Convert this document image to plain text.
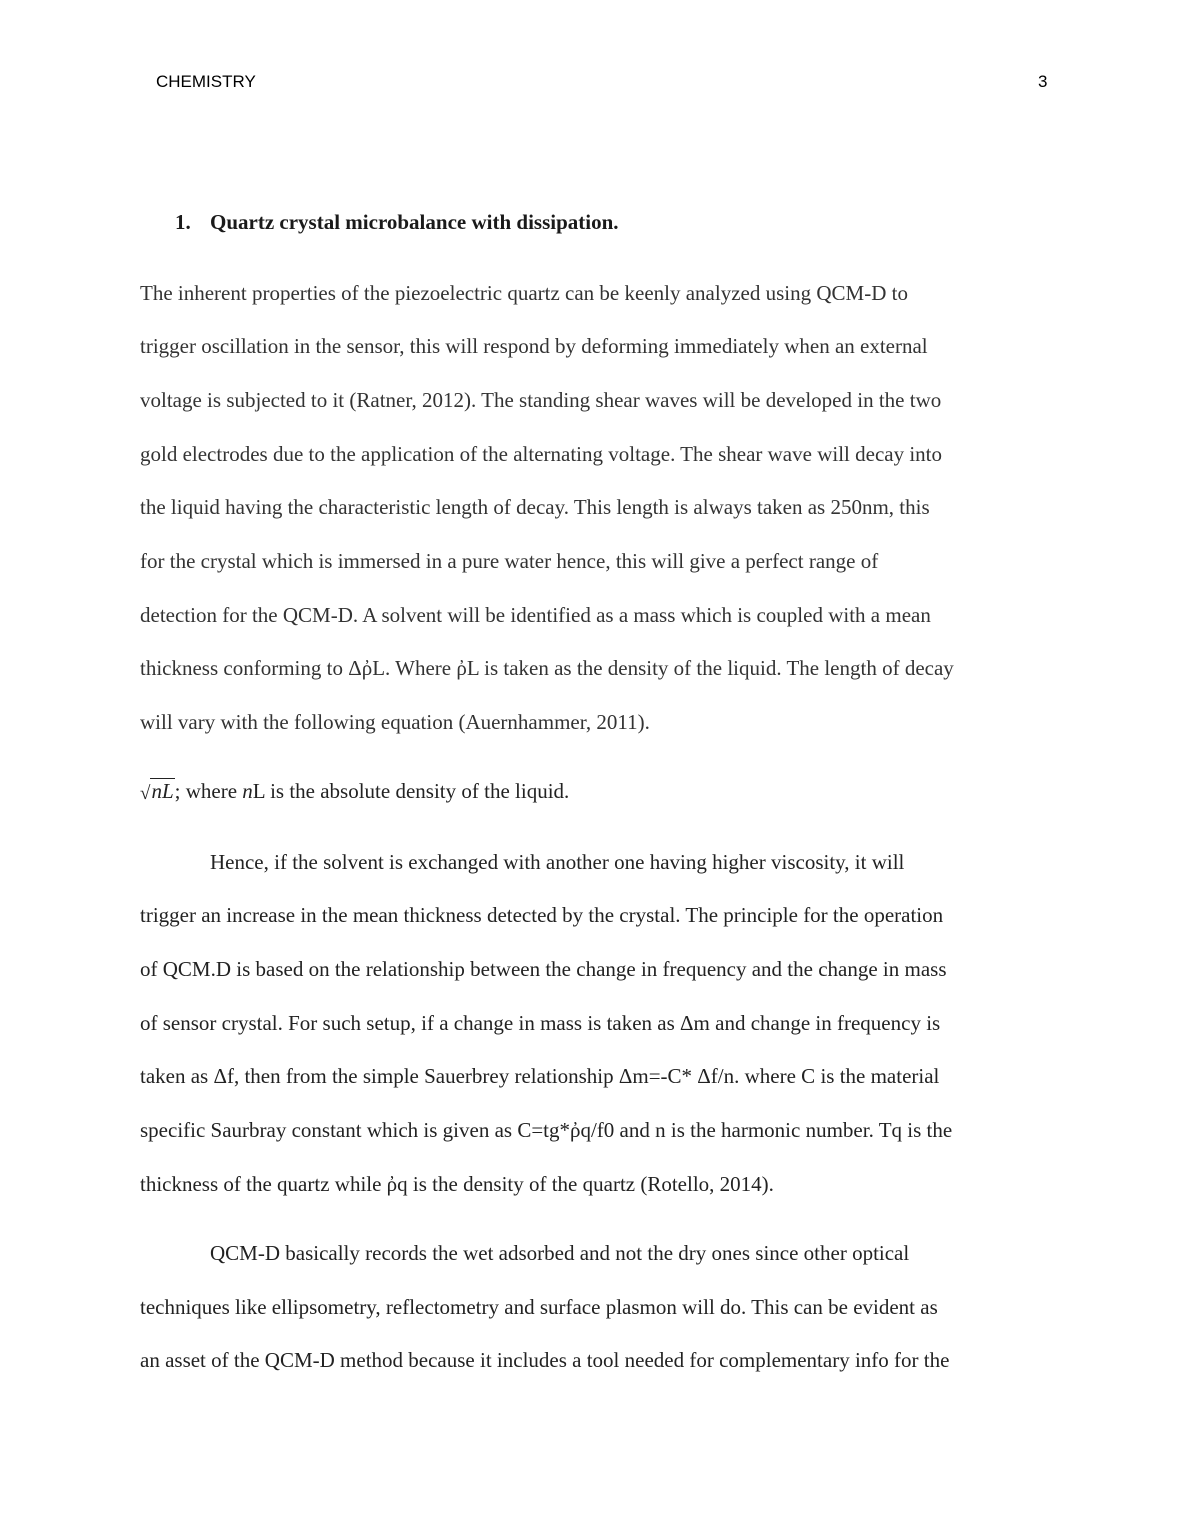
CHEMISTRY	3
1. Quartz crystal microbalance with dissipation.
The inherent properties of the piezoelectric quartz can be keenly analyzed using QCM-D to
trigger oscillation in the sensor, this will respond by deforming immediately when an external
voltage is subjected to it (Ratner, 2012). The standing shear waves will be developed in the two
gold electrodes due to the application of the alternating voltage. The shear wave will decay into
the liquid having the characteristic length of decay. This length is always taken as 250nm, this
for the crystal which is immersed in a pure water hence, this will give a perfect range of
detection for the QCM-D. A solvent will be identified as a mass which is coupled with a mean
thickness conforming to ΔῤL. Where ῤL is taken as the density of the liquid. The length of decay
will vary with the following equation (Auernhammer, 2011).
√nL; where nL is the absolute density of the liquid.
Hence, if the solvent is exchanged with another one having higher viscosity, it will
trigger an increase in the mean thickness detected by the crystal. The principle for the operation
of QCM.D is based on the relationship between the change in frequency and the change in mass
of sensor crystal. For such setup, if a change in mass is taken as Δm and change in frequency is
taken as Δf, then from the simple Sauerbrey relationship Δm=-C* Δf/n. where C is the material
specific Saurbray constant which is given as C=tg*ῤq/f0 and n is the harmonic number. Tq is the
thickness of the quartz while ῤq is the density of the quartz (Rotello, 2014).
QCM-D basically records the wet adsorbed and not the dry ones since other optical
techniques like ellipsometry, reflectometry and surface plasmon will do. This can be evident as
an asset of the QCM-D method because it includes a tool needed for complementary info for the
